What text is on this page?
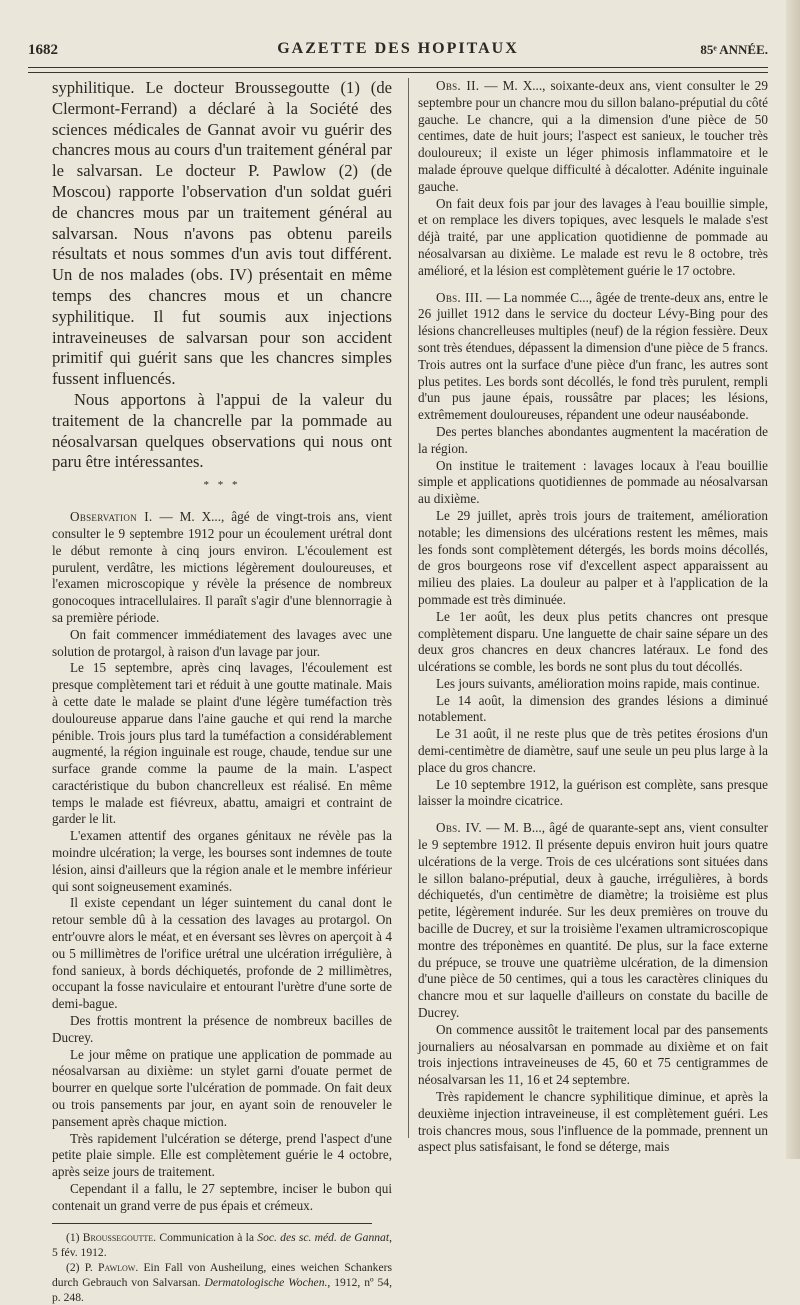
1682	GAZETTE DES HOPITAUX	85ᵉ ANNÉE.

syphilitique. Le docteur Broussegoutte (1) (de Clermont-Ferrand) a déclaré à la Société des sciences médicales de Gannat avoir vu guérir des chancres mous au cours d'un traitement général par le salvarsan. Le docteur P. Pawlow (2) (de Moscou) rapporte l'observation d'un soldat guéri de chancres mous par un traitement général au salvarsan. Nous n'avons pas obtenu pareils résultats et nous sommes d'un avis tout différent. Un de nos malades (obs. IV) présentait en même temps des chancres mous et un chancre syphilitique. Il fut soumis aux injections intraveineuses de salvarsan pour son accident primitif qui guérit sans que les chancres simples fussent influencés.

Nous apportons à l'appui de la valeur du traitement de la chancrelle par la pommade au néosalvarsan quelques observations qui nous ont paru être intéressantes.

* * *

Observation I. — M. X..., âgé de vingt-trois ans, vient consulter le 9 septembre 1912 pour un écoulement urétral dont le début remonte à cinq jours environ. L'écoulement est purulent, verdâtre, les mictions légèrement douloureuses, et l'examen microscopique y révèle la présence de nombreux gonocoques intracellulaires. Il paraît s'agir d'une blennorragie à sa première période.

On fait commencer immédiatement des lavages avec une solution de protargol, à raison d'un lavage par jour.

Le 15 septembre, après cinq lavages, l'écoulement est presque complètement tari et réduit à une goutte matinale. Mais à cette date le malade se plaint d'une légère tuméfaction très douloureuse apparue dans l'aine gauche et qui rend la marche pénible. Trois jours plus tard la tuméfaction a considérablement augmenté, la région inguinale est rouge, chaude, tendue sur une surface grande comme la paume de la main. L'aspect caractéristique du bubon chancrelleux est réalisé. En même temps le malade est fiévreux, abattu, amaigri et contraint de garder le lit.

L'examen attentif des organes génitaux ne révèle pas la moindre ulcération; la verge, les bourses sont indemnes de toute lésion, ainsi d'ailleurs que la région anale et le membre inférieur qui sont soigneusement examinés.

Il existe cependant un léger suintement du canal dont le retour semble dû à la cessation des lavages au protargol. On entr'ouvre alors le méat, et en éversant ses lèvres on aperçoit à 4 ou 5 millimètres de l'orifice urétral une ulcération irrégulière, à fond sanieux, à bords déchiquetés, profonde de 2 millimètres, occupant la fosse naviculaire et entourant l'urètre d'une sorte de demi-bague.

Des frottis montrent la présence de nombreux bacilles de Ducrey.

Le jour même on pratique une application de pommade au néosalvarsan au dixième: un stylet garni d'ouate permet de bourrer en quelque sorte l'ulcération de pommade. On fait deux ou trois pansements par jour, en ayant soin de renouveler le pansement après chaque miction.

Très rapidement l'ulcération se déterge, prend l'aspect d'une petite plaie simple. Elle est complètement guérie le 4 octobre, après seize jours de traitement.

Cependant il a fallu, le 27 septembre, inciser le bubon qui contenait un grand verre de pus épais et crémeux.

(1) Broussegoutte. Communication à la Soc. des sc. méd. de Gannat, 5 fév. 1912.

(2) P. Pawlow. Ein Fall von Ausheilung, eines weichen Schankers durch Gebrauch von Salvarsan. Dermatologische Wochen., 1912, nº 54, p. 248.

Obs. II. — M. X..., soixante-deux ans, vient consulter le 29 septembre pour un chancre mou du sillon balano-préputial du côté gauche. Le chancre, qui a la dimension d'une pièce de 50 centimes, date de huit jours; l'aspect est sanieux, le toucher très douloureux; il existe un léger phimosis inflammatoire et le malade éprouve quelque difficulté à décalotter. Adénite inguinale gauche.

On fait deux fois par jour des lavages à l'eau bouillie simple, et on remplace les divers topiques, avec lesquels le malade s'est déjà traité, par une application quotidienne de pommade au néosalvarsan au dixième. Le malade est revu le 8 octobre, très amélioré, et la lésion est complètement guérie le 17 octobre.

Obs. III. — La nommée C..., âgée de trente-deux ans, entre le 26 juillet 1912 dans le service du docteur Lévy-Bing pour des lésions chancrelleuses multiples (neuf) de la région fessière. Deux sont très étendues, dépassent la dimension d'une pièce de 5 francs. Trois autres ont la surface d'une pièce d'un franc, les autres sont plus petites. Les bords sont décollés, le fond très purulent, rempli d'un pus jaune épais, roussâtre par places; les lésions, extrêmement douloureuses, répandent une odeur nauséabonde.

Des pertes blanches abondantes augmentent la macération de la région.

On institue le traitement : lavages locaux à l'eau bouillie simple et applications quotidiennes de pommade au néosalvarsan au dixième.

Le 29 juillet, après trois jours de traitement, amélioration notable; les dimensions des ulcérations restent les mêmes, mais les fonds sont complètement détergés, les bords moins décollés, de gros bourgeons rose vif d'excellent aspect apparaissent au milieu des plaies. La douleur au palper et à l'application de la pommade est très diminuée.

Le 1er août, les deux plus petits chancres ont presque complètement disparu. Une languette de chair saine sépare un des deux gros chancres en deux chancres latéraux. Le fond des ulcérations se comble, les bords ne sont plus du tout décollés.

Les jours suivants, amélioration moins rapide, mais continue.

Le 14 août, la dimension des grandes lésions a diminué notablement.

Le 31 août, il ne reste plus que de très petites érosions d'un demi-centimètre de diamètre, sauf une seule un peu plus large à la place du gros chancre.

Le 10 septembre 1912, la guérison est complète, sans presque laisser la moindre cicatrice.

Obs. IV. — M. B..., âgé de quarante-sept ans, vient consulter le 9 septembre 1912. Il présente depuis environ huit jours quatre ulcérations de la verge. Trois de ces ulcérations sont situées dans le sillon balano-préputial, deux à gauche, irrégulières, à bords déchiquetés, d'un centimètre de diamètre; la troisième est plus petite, légèrement indurée. Sur les deux premières on trouve du bacille de Ducrey, et sur la troisième l'examen ultramicroscopique montre des tréponèmes en quantité. De plus, sur la face externe du prépuce, se trouve une quatrième ulcération, de la dimension d'une pièce de 50 centimes, qui a tous les caractères cliniques du chancre mou et sur laquelle d'ailleurs on constate du bacille de Ducrey.

On commence aussitôt le traitement local par des pansements journaliers au néosalvarsan en pommade au dixième et on fait trois injections intraveineuses de 45, 60 et 75 centigrammes de néosalvarsan les 11, 16 et 24 septembre.

Très rapidement le chancre syphilitique diminue, et après la deuxième injection intraveineuse, il est complètement guéri. Les trois chancres mous, sous l'influence de la pommade, prennent un aspect plus satisfaisant, le fond se déterge, mais
